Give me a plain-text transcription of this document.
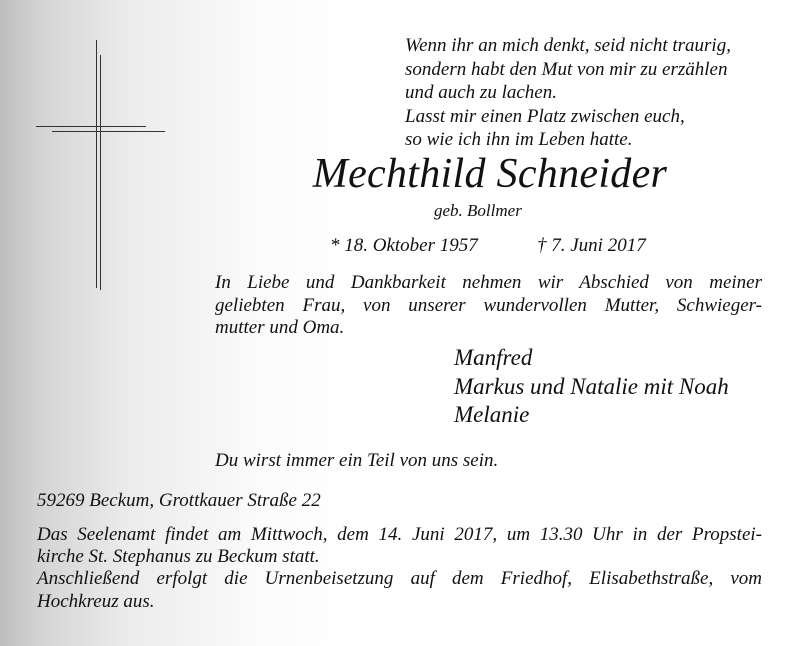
Wenn ihr an mich denkt, seid nicht traurig,
sondern habt den Mut von mir zu erzählen
und auch zu lachen.
Lasst mir einen Platz zwischen euch,
so wie ich ihn im Leben hatte.
Mechthild Schneider
geb. Bollmer
* 18. Oktober 1957	† 7. Juni 2017
In Liebe und Dankbarkeit nehmen wir Abschied von meiner
geliebten Frau, von unserer wundervollen Mutter, Schwieger-
mutter und Oma.
Manfred
Markus und Natalie mit Noah
Melanie
Du wirst immer ein Teil von uns sein.
59269 Beckum, Grottkauer Straße 22
Das Seelenamt findet am Mittwoch, dem 14. Juni 2017, um 13.30 Uhr in der Propstei-
kirche St. Stephanus zu Beckum statt.
Anschließend erfolgt die Urnenbeisetzung auf dem Friedhof, Elisabethstraße, vom
Hochkreuz aus.
